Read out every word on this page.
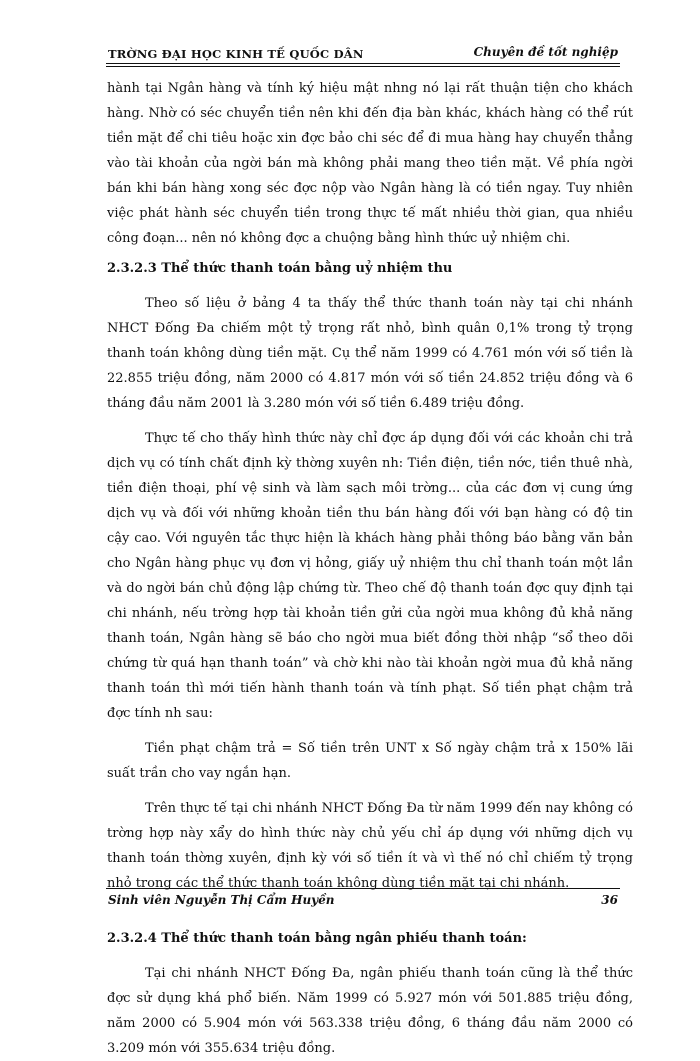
TRỜNG ĐẠI HỌC KINH TẾ QUỐC DÂN	Chuyên đề tốt nghiệp

hành tại Ngân hàng và tính ký hiệu mật nhng nó lại rất thuận tiện cho khách hàng. Nhờ có séc chuyển tiền nên khi đến địa bàn khác, khách hàng có thể rút tiền mặt để chi tiêu hoặc xin đợc bảo chi séc để đi mua hàng hay chuyển thẳng vào tài khoản của ngời bán mà không phải mang theo tiền mặt. Về phía ngời bán khi bán hàng xong séc đợc nộp vào Ngân hàng là có tiền ngay. Tuy nhiên việc phát hành séc chuyển tiền trong thực tế mất nhiều thời gian, qua nhiều công đoạn... nên nó không đợc a chuộng bằng hình thức uỷ nhiệm chi.

2.3.2.3 Thể thức thanh toán bằng uỷ nhiệm thu

Theo số liệu ở bảng 4 ta thấy thể thức thanh toán này tại chi nhánh NHCT Đống Đa chiếm một tỷ trọng rất nhỏ, bình quân 0,1% trong tỷ trọng thanh toán không dùng tiền mặt. Cụ thể năm 1999 có 4.761 món với số tiền là 22.855 triệu đồng, năm 2000 có 4.817 món với số tiền 24.852 triệu đồng và 6 tháng đầu năm 2001 là 3.280 món với số tiền 6.489 triệu đồng.

Thực tế cho thấy hình thức này chỉ đợc áp dụng đối với các khoản chi trả dịch vụ có tính chất định kỳ thờng xuyên nh: Tiền điện, tiền nớc, tiền thuê nhà, tiền điện thoại, phí vệ sinh và làm sạch môi trờng... của các đơn vị cung ứng dịch vụ và đối với những khoản tiền thu bán hàng đối với bạn hàng có độ tin cậy cao. Với nguyên tắc thực hiện là khách hàng phải thông báo bằng văn bản cho Ngân hàng phục vụ đơn vị hỏng, giấy uỷ nhiệm thu chỉ thanh toán một lần và do ngời bán chủ động lập chứng từ. Theo chế độ thanh toán đợc quy định tại chi nhánh, nếu trờng hợp tài khoản tiền gửi của ngời mua không đủ khả năng thanh toán, Ngân hàng sẽ báo cho ngời mua biết đồng thời nhập “sổ theo dõi chứng từ quá hạn thanh toán” và chờ khi nào tài khoản ngời mua đủ khả năng thanh toán thì mới tiến hành thanh toán và tính phạt. Số tiền phạt chậm trả đợc tính nh sau:

Tiền phạt chậm trả = Số tiền trên UNT x Số ngày chậm trả x 150% lãi suất trần cho vay ngắn hạn.

Trên thực tế tại chi nhánh NHCT Đống Đa từ năm 1999 đến nay không có trờng hợp này xẩy do hình thức này chủ yếu chỉ áp dụng với những dịch vụ thanh toán thờng xuyên, định kỳ với số tiền ít và vì thế nó chỉ chiếm tỷ trọng nhỏ trong các thể thức thanh toán không dùng tiền mặt tại chi nhánh.

2.3.2.4 Thể thức thanh toán bằng ngân phiếu thanh toán:

Tại chi nhánh NHCT Đống Đa, ngân phiếu thanh toán cũng là thể thức đợc sử dụng khá phổ biến. Năm 1999 có 5.927 món với 501.885 triệu đồng, năm 2000 có 5.904 món với 563.338 triệu đồng, 6 tháng đầu năm 2000 có 3.209 món với 355.634 triệu đồng.

Sinh viên Nguyễn Thị Cẩm Huyền	36
